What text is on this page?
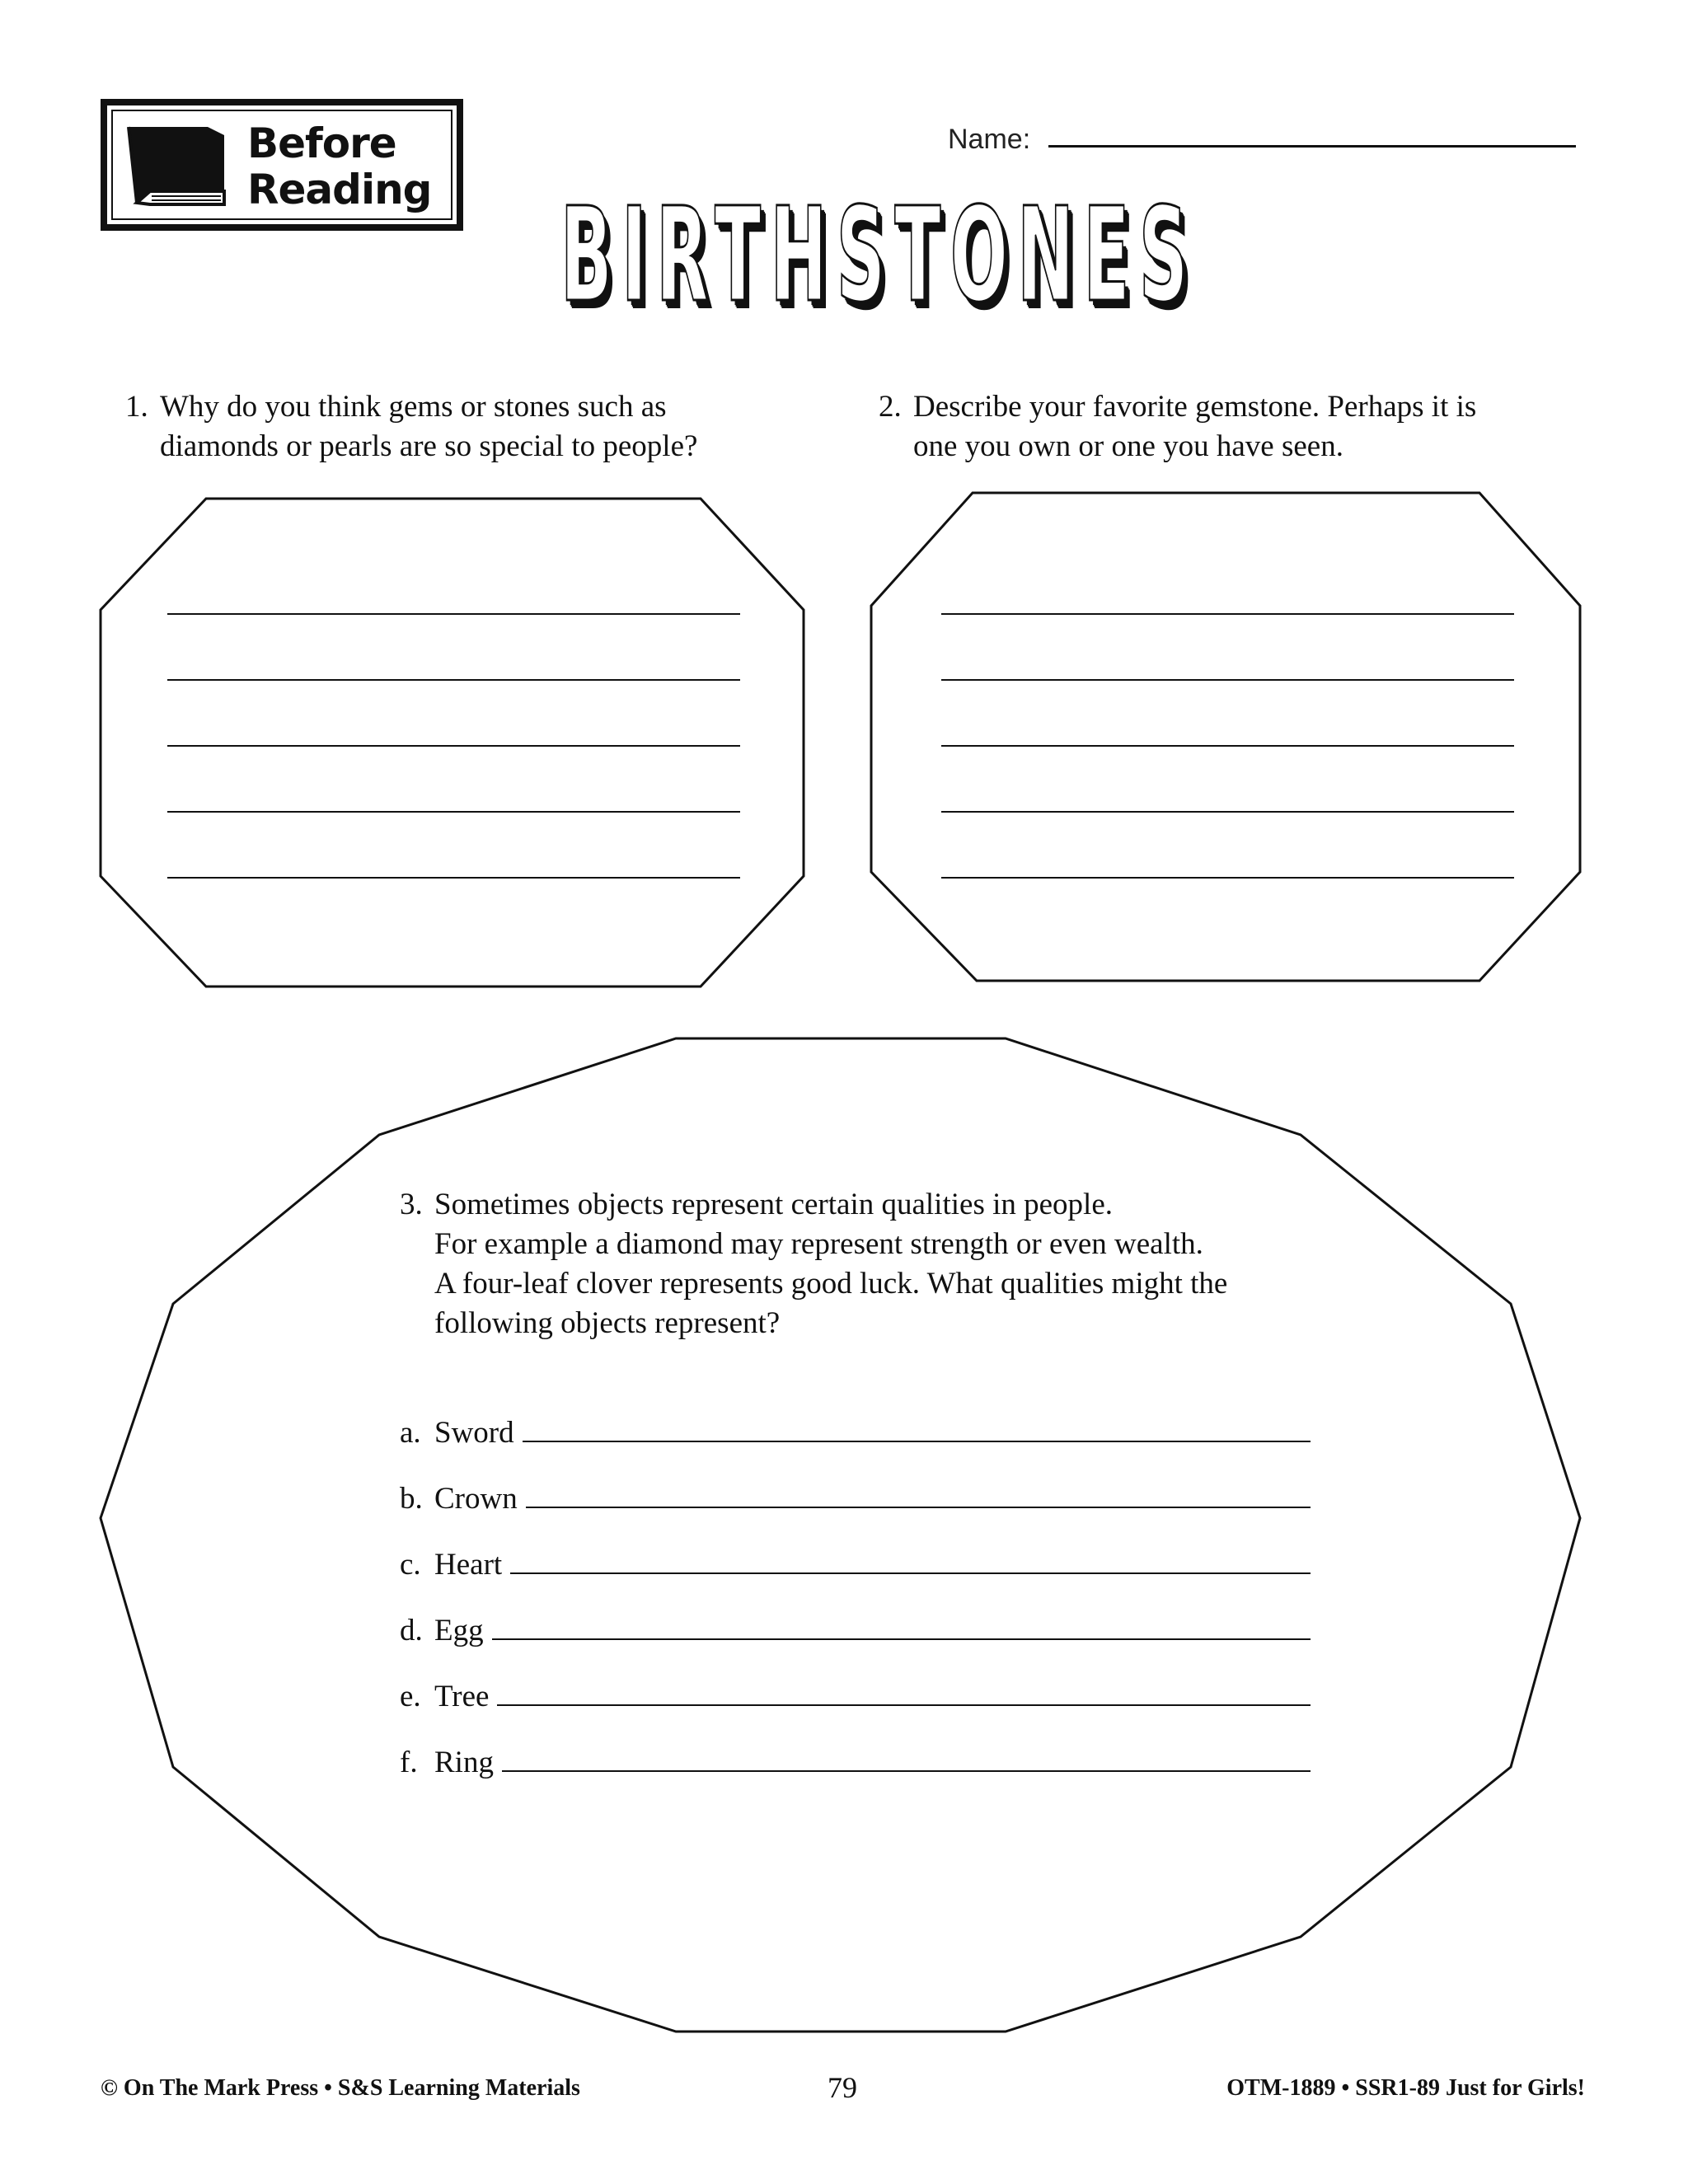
Before
Reading
Name:
BIRTHSTONES
1. Why do you think gems or stones such as
diamonds or pearls are so special to people?
2. Describe your favorite gemstone. Perhaps it is
one you own or one you have seen.
3. Sometimes objects represent certain qualities in people.
For example a diamond may represent strength or even wealth.
A four-leaf clover represents good luck. What qualities might the
following objects represent?
a. Sword
b. Crown
c. Heart
d. Egg
e. Tree
f. Ring
© On The Mark Press • S&S Learning Materials	79	OTM-1889 • SSR1-89 Just for Girls!
